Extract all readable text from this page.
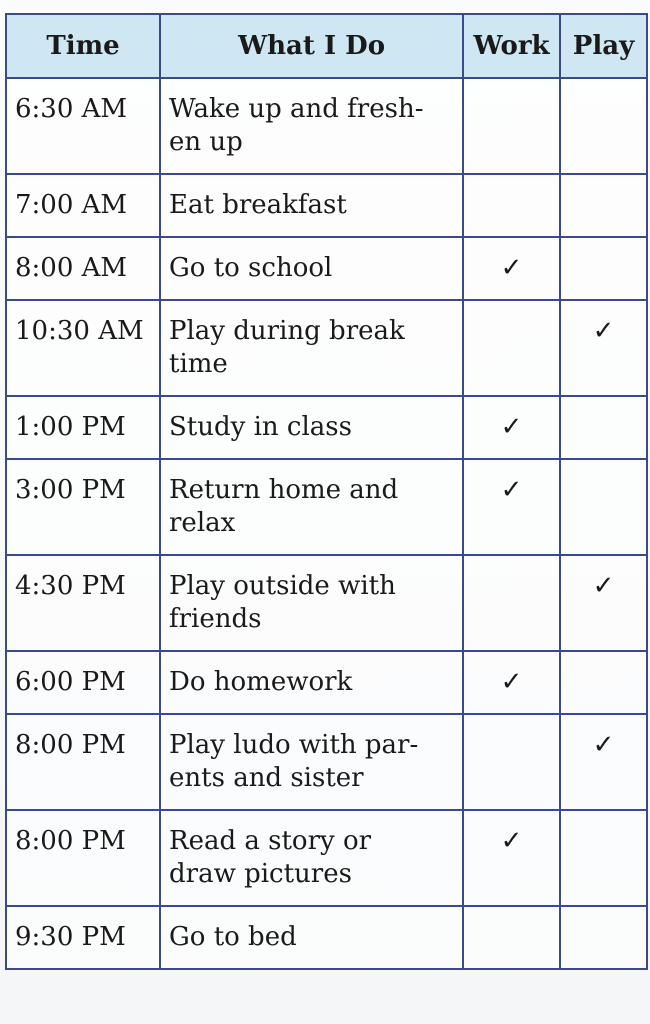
Time	What I Do	Work	Play
6:30 AM	Wake up and fresh-
en up		

7:00 AM	Eat breakfast		

8:00 AM	Go to school	✓	
10:30 AM	Play during break
time		✓
1:00 PM	Study in class	✓	
3:00 PM	Return home and
relax	✓	
4:30 PM	Play outside with
friends		✓
6:00 PM	Do homework	✓	
8:00 PM	Play ludo with par-
ents and sister		✓
8:00 PM	Read a story or
draw pictures	✓	
9:30 PM	Go to bed		
